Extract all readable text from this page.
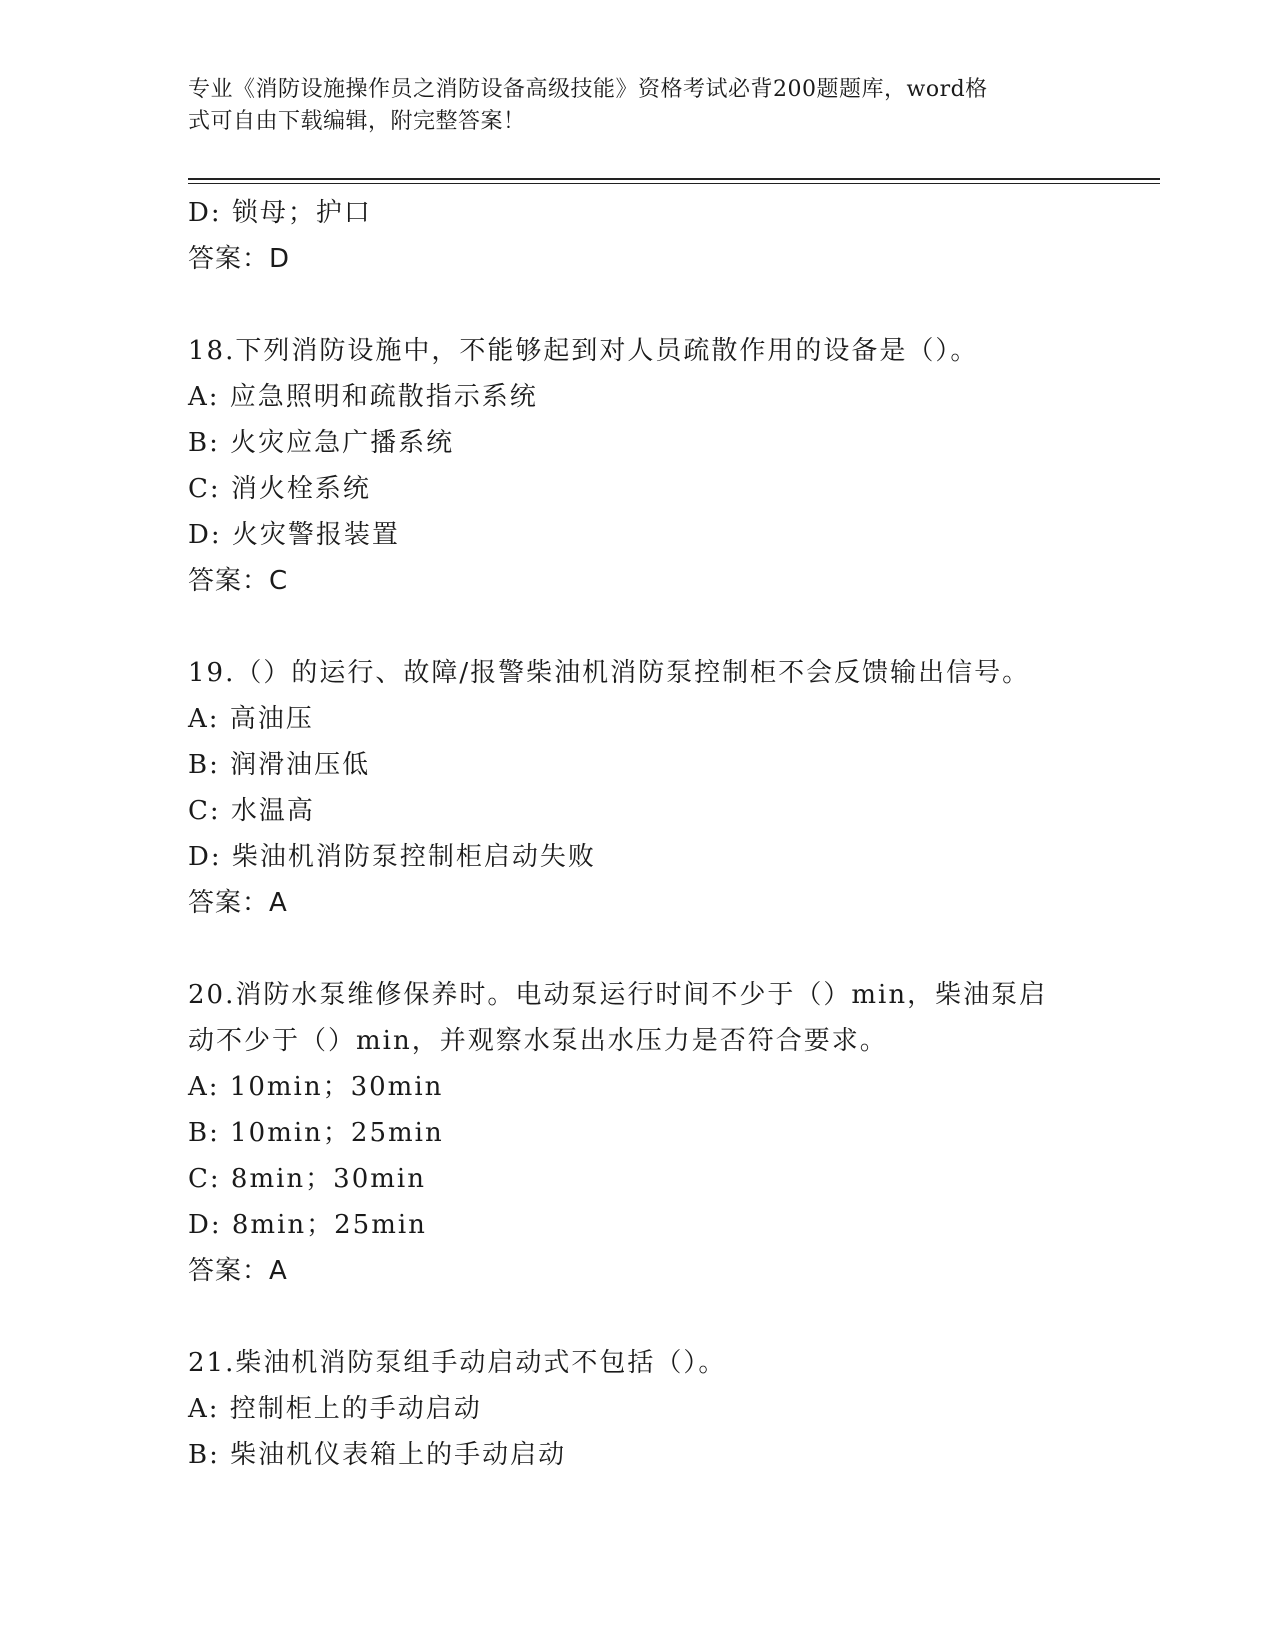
专业《消防设施操作员之消防设备高级技能》资格考试必背200题题库，word格
式可自由下载编辑，附完整答案！
D: 锁母；护口
答案：D
18.下列消防设施中，不能够起到对人员疏散作用的设备是（）。
A: 应急照明和疏散指示系统
B: 火灾应急广播系统
C: 消火栓系统
D: 火灾警报装置
答案：C
19.（）的运行、故障/报警柴油机消防泵控制柜不会反馈输出信号。
A: 高油压
B: 润滑油压低
C: 水温高
D: 柴油机消防泵控制柜启动失败
答案：A
20.消防水泵维修保养时。电动泵运行时间不少于（）min，柴油泵启
动不少于（）min，并观察水泵出水压力是否符合要求。
A: 10min；30min
B: 10min；25min
C: 8min；30min
D: 8min；25min
答案：A
21.柴油机消防泵组手动启动式不包括（）。
A: 控制柜上的手动启动
B: 柴油机仪表箱上的手动启动
